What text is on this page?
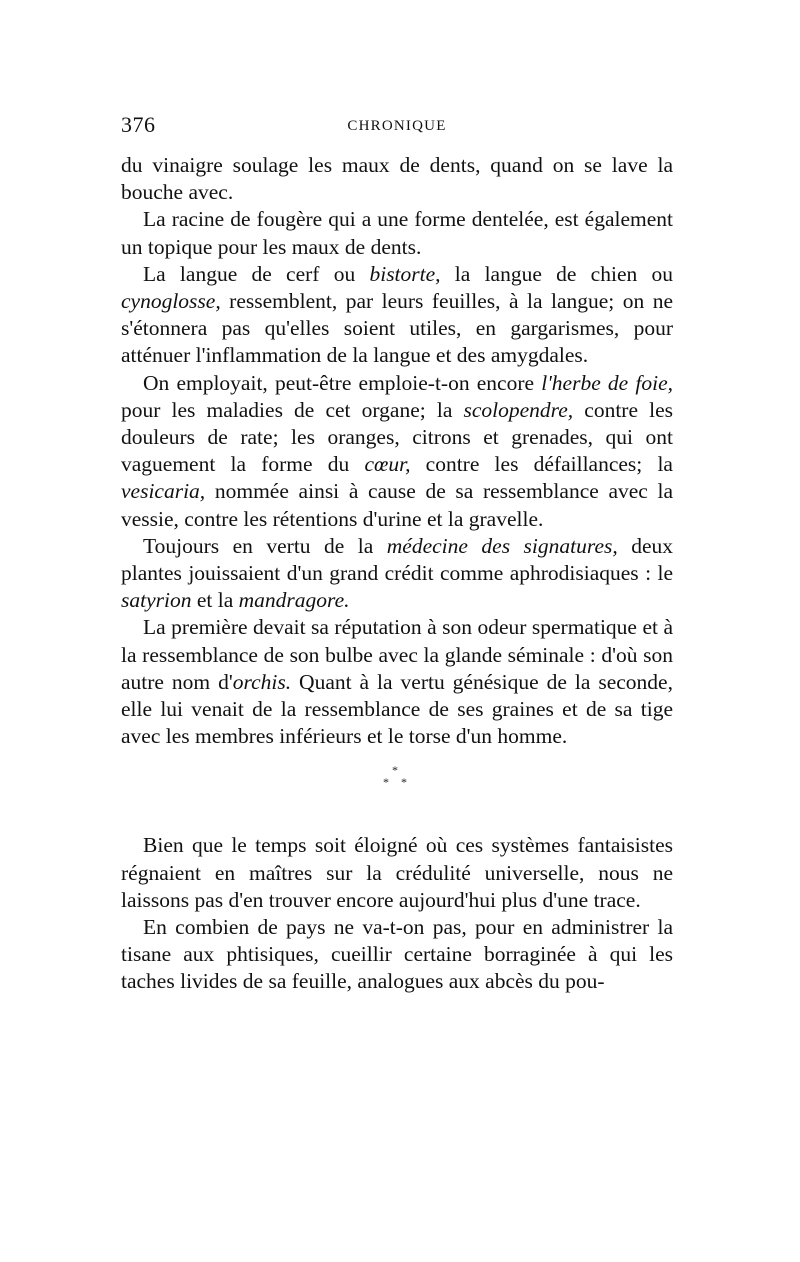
376	CHRONIQUE

du vinaigre soulage les maux de dents, quand on se lave la bouche avec.

La racine de fougère qui a une forme dentelée, est également un topique pour les maux de dents.

La langue de cerf ou bistorte, la langue de chien ou cynoglosse, ressemblent, par leurs feuilles, à la langue; on ne s'étonnera pas qu'elles soient utiles, en gargarismes, pour atténuer l'inflammation de la langue et des amygdales.

On employait, peut-être emploie-t-on encore l'herbe de foie, pour les maladies de cet organe; la scolopendre, contre les douleurs de rate; les oranges, citrons et grenades, qui ont vaguement la forme du cœur, contre les défaillances; la vesicaria, nommée ainsi à cause de sa ressemblance avec la vessie, contre les rétentions d'urine et la gravelle.

Toujours en vertu de la médecine des signatures, deux plantes jouissaient d'un grand crédit comme aphrodisiaques : le satyrion et la mandragore.

La première devait sa réputation à son odeur spermatique et à la ressemblance de son bulbe avec la glande séminale : d'où son autre nom d'orchis. Quant à la vertu génésique de la seconde, elle lui venait de la ressemblance de ses graines et de sa tige avec les membres inférieurs et le torse d'un homme.

*
* *

Bien que le temps soit éloigné où ces systèmes fantaisistes régnaient en maîtres sur la crédulité universelle, nous ne laissons pas d'en trouver encore aujourd'hui plus d'une trace.

En combien de pays ne va-t-on pas, pour en administrer la tisane aux phtisiques, cueillir certaine borraginée à qui les taches livides de sa feuille, analogues aux abcès du pou-
